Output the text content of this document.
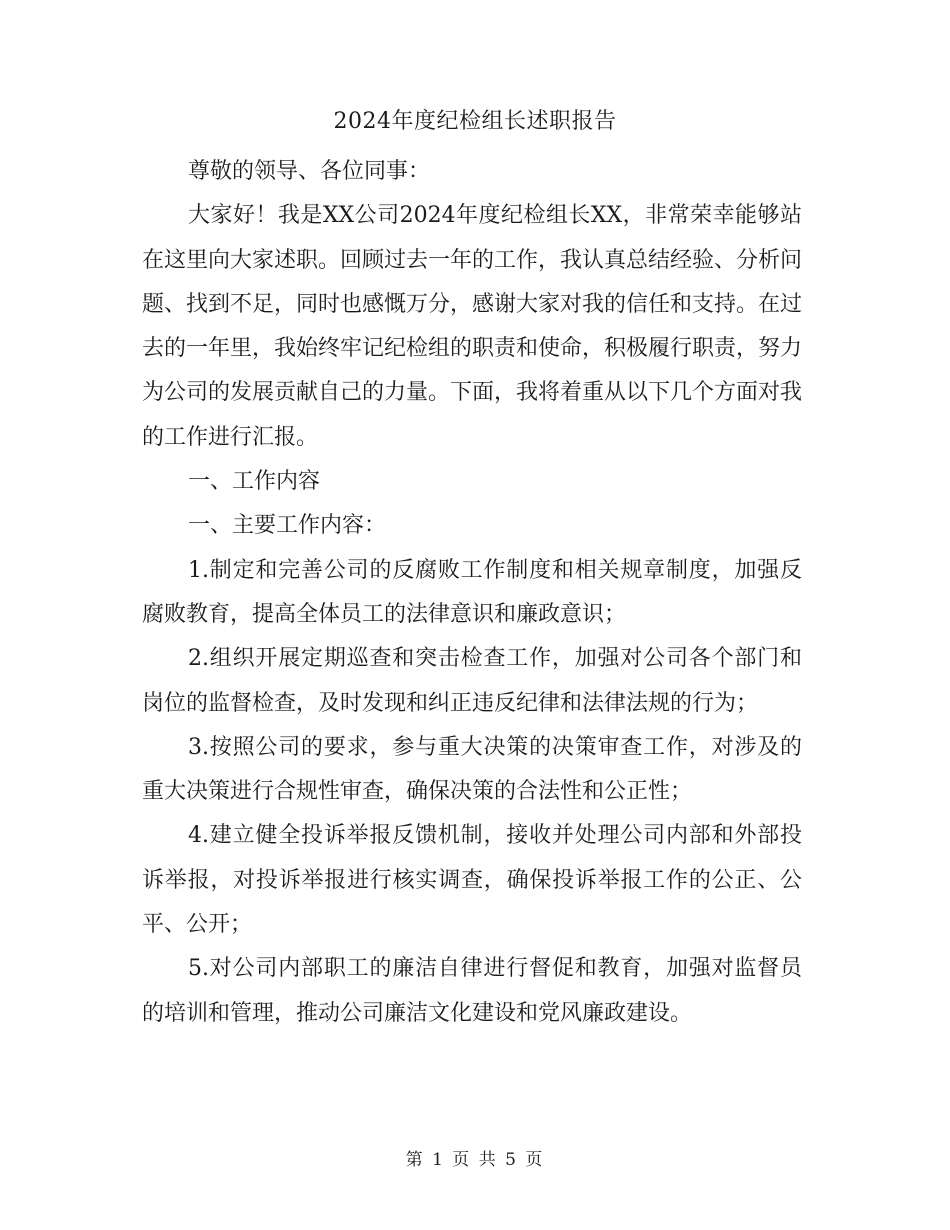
2024年度纪检组长述职报告

尊敬的领导、各位同事：

大家好！我是XX公司2024年度纪检组长XX，非常荣幸能够站在这里向大家述职。回顾过去一年的工作，我认真总结经验、分析问题、找到不足，同时也感慨万分，感谢大家对我的信任和支持。在过去的一年里，我始终牢记纪检组的职责和使命，积极履行职责，努力为公司的发展贡献自己的力量。下面，我将着重从以下几个方面对我的工作进行汇报。

一、工作内容

一、主要工作内容：

1.制定和完善公司的反腐败工作制度和相关规章制度，加强反腐败教育，提高全体员工的法律意识和廉政意识；

2.组织开展定期巡查和突击检查工作，加强对公司各个部门和岗位的监督检查，及时发现和纠正违反纪律和法律法规的行为；

3.按照公司的要求，参与重大决策的决策审查工作，对涉及的重大决策进行合规性审查，确保决策的合法性和公正性；

4.建立健全投诉举报反馈机制，接收并处理公司内部和外部投诉举报，对投诉举报进行核实调查，确保投诉举报工作的公正、公平、公开；

5.对公司内部职工的廉洁自律进行督促和教育，加强对监督员的培训和管理，推动公司廉洁文化建设和党风廉政建设。

第 1 页 共 5 页
